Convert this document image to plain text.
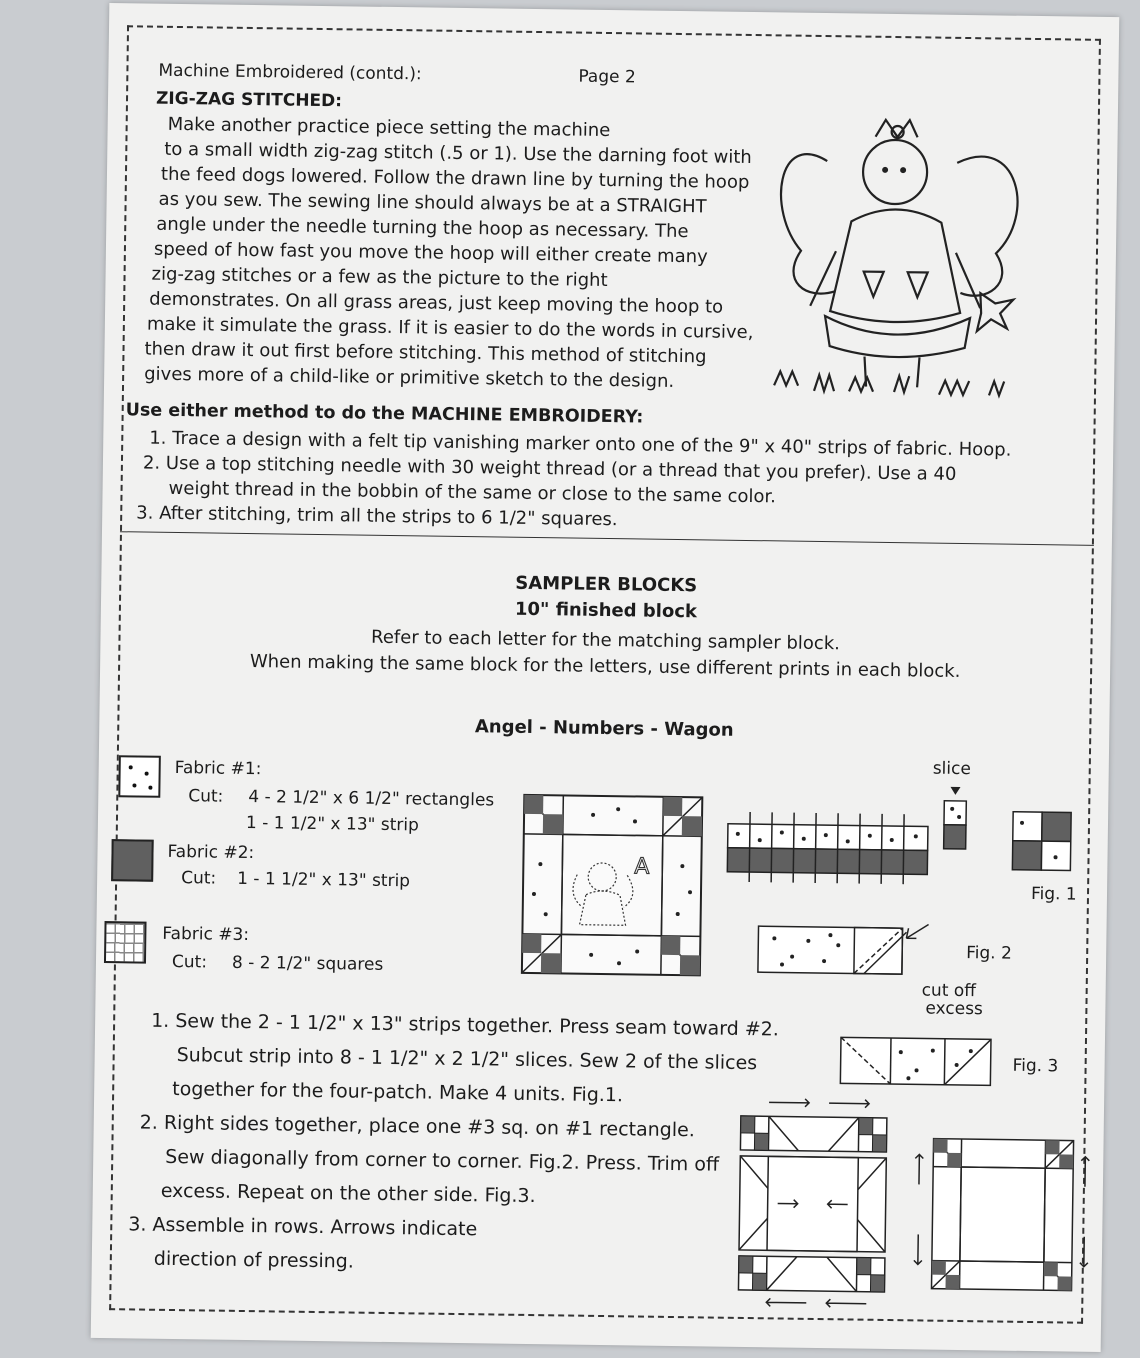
Machine Embroidered (contd.):	Page 2
ZIG-ZAG STITCHED:
Make another practice piece setting the machine
to a small width zig-zag stitch (.5 or 1). Use the darning foot with
the feed dogs lowered. Follow the drawn line by turning the hoop
as you sew. The sewing line should always be at a STRAIGHT
angle under the needle turning the hoop as necessary. The
speed of how fast you move the hoop will either create many
zig-zag stitches or a few as the picture to the right
demonstrates. On all grass areas, just keep moving the hoop to
make it simulate the grass. If it is easier to do the words in cursive,
then draw it out first before stitching. This method of stitching
gives more of a child-like or primitive sketch to the design.
Use either method to do the MACHINE EMBROIDERY:
1. Trace a design with a felt tip vanishing marker onto one of the 9" x 40" strips of fabric. Hoop.
2. Use a top stitching needle with 30 weight thread (or a thread that you prefer). Use a 40
weight thread in the bobbin of the same or close to the same color.
3. After stitching, trim all the strips to 6 1/2" squares.
SAMPLER BLOCKS
10" finished block
Refer to each letter for the matching sampler block.
When making the same block for the letters, use different prints in each block.
Angel - Numbers - Wagon
Fabric #1:
Cut: 4 - 2 1/2" x 6 1/2" rectangles
1 - 1 1/2" x 13" strip
Fabric #2:
Cut: 1 - 1 1/2" x 13" strip
Fabric #3:
Cut: 8 - 2 1/2" squares
A
slice
Fig. 1
Fig. 2
cut off
excess
Fig. 3
1. Sew the 2 - 1 1/2" x 13" strips together. Press seam toward #2.
Subcut strip into 8 - 1 1/2" x 2 1/2" slices. Sew 2 of the slices
together for the four-patch. Make 4 units. Fig.1.
2. Right sides together, place one #3 sq. on #1 rectangle.
Sew diagonally from corner to corner. Fig.2. Press. Trim off
excess. Repeat on the other side. Fig.3.
3. Assemble in rows. Arrows indicate
direction of pressing.
